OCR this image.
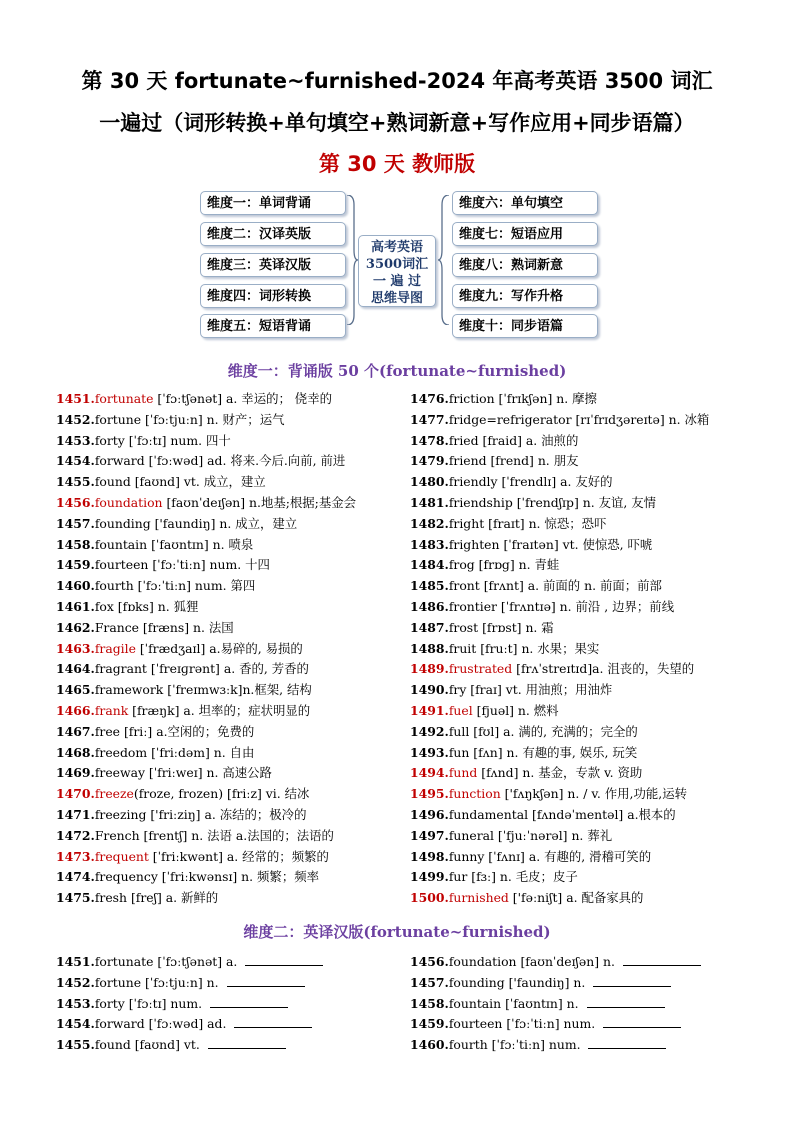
第 30 天 fortunate~furnished-2024 年高考英语 3500 词汇
一遍过（词形转换+单句填空+熟词新意+写作应用+同步语篇）
第 30 天 教师版
维度一：单词背诵
维度二：汉译英版
维度三：英译汉版
维度四：词形转换
维度五：短语背诵
高考英语
3500词汇
一 遍 过
思维导图
维度六：单句填空
维度七：短语应用
维度八：熟词新意
维度九：写作升格
维度十：同步语篇
维度一：背诵版 50 个(fortunate~furnished)
1451.fortunate [ˈfɔːtʃənət] a. 幸运的； 侥幸的
1452.fortune [ˈfɔːtjuːn] n. 财产；运气
1453.forty [ˈfɔːtɪ] num. 四十
1454.forward [ˈfɔːwəd] ad. 将来.今后.向前, 前进
1455.found [faʊnd] vt. 成立，建立
1456.foundation [faʊnˈdeɪʃən] n.地基;根据;基金会
1457.founding ['faundiŋ] n. 成立，建立
1458.fountain [ˈfaʊntɪn] n. 喷泉
1459.fourteen [ˈfɔːˈtiːn] num. 十四
1460.fourth [ˈfɔːˈtiːn] num. 第四
1461.fox [fɒks] n. 狐狸
1462.France [fræns] n. 法国
1463.fragile [ˈfrædʒaɪl] a.易碎的, 易损的
1464.fragrant [ˈfreɪɡrənt] a. 香的, 芳香的
1465.framework [ˈfreɪmwɜːk]n.框架, 结构
1466.frank [fræŋk] a. 坦率的；症状明显的
1467.free [friː] a.空闲的；免费的
1468.freedom [ˈfriːdəm] n. 自由
1469.freeway [ˈfriːweɪ] n. 高速公路
1470.freeze(froze, frozen) [friːz] vi. 结冰
1471.freezing ['friːziŋ] a. 冻结的；极冷的
1472.French [frentʃ] n. 法语 a.法国的；法语的
1473.frequent [ˈfriːkwənt] a. 经常的；频繁的
1474.frequency [ˈfriːkwənsɪ] n. 频繁；频率
1475.fresh [freʃ] a. 新鲜的
1476.friction [ˈfrɪkʃən] n. 摩擦
1477.fridge=refrigerator [rɪˈfrɪdʒəreɪtə] n. 冰箱
1478.fried [fraid] a. 油煎的
1479.friend [frend] n. 朋友
1480.friendly [ˈfrendlɪ] a. 友好的
1481.friendship [ˈfrendʃɪp] n. 友谊, 友情
1482.fright [fraɪt] n. 惊恐；恐吓
1483.frighten [ˈfraɪtən] vt. 使惊恐, 吓唬
1484.frog [frɒg] n. 青蛙
1485.front [frʌnt] a. 前面的 n. 前面；前部
1486.frontier [ˈfrʌntɪə] n. 前沿 , 边界；前线
1487.frost [frɒst] n. 霜
1488.fruit [fruːt] n. 水果；果实
1489.frustrated [frʌˈstreɪtɪd]a. 沮丧的，失望的
1490.fry [fraɪ] vt. 用油煎；用油炸
1491.fuel [fjuəl] n. 燃料
1492.full [fʊl] a. 满的, 充满的；完全的
1493.fun [fʌn] n. 有趣的事, 娱乐, 玩笑
1494.fund [fʌnd] n. 基金，专款 v. 资助
1495.function ['fʌŋkʃən] n. / v. 作用,功能,运转
1496.fundamental [fʌndəˈmentəl] a.根本的
1497.funeral [ˈfjuːˈnərəl] n. 葬礼
1498.funny [ˈfʌnɪ] a. 有趣的, 滑稽可笑的
1499.fur [fɜː] n. 毛皮；皮子
1500.furnished ['fəːniʃt] a. 配备家具的
维度二：英译汉版(fortunate~furnished)
1451.fortunate [ˈfɔːtʃənət] a.
1452.fortune [ˈfɔːtjuːn] n.
1453.forty [ˈfɔːtɪ] num.
1454.forward [ˈfɔːwəd] ad.
1455.found [faʊnd] vt.
1456.foundation [faʊnˈdeɪʃən] n.
1457.founding ['faundiŋ] n.
1458.fountain [ˈfaʊntɪn] n.
1459.fourteen [ˈfɔːˈtiːn] num.
1460.fourth [ˈfɔːˈtiːn] num.
